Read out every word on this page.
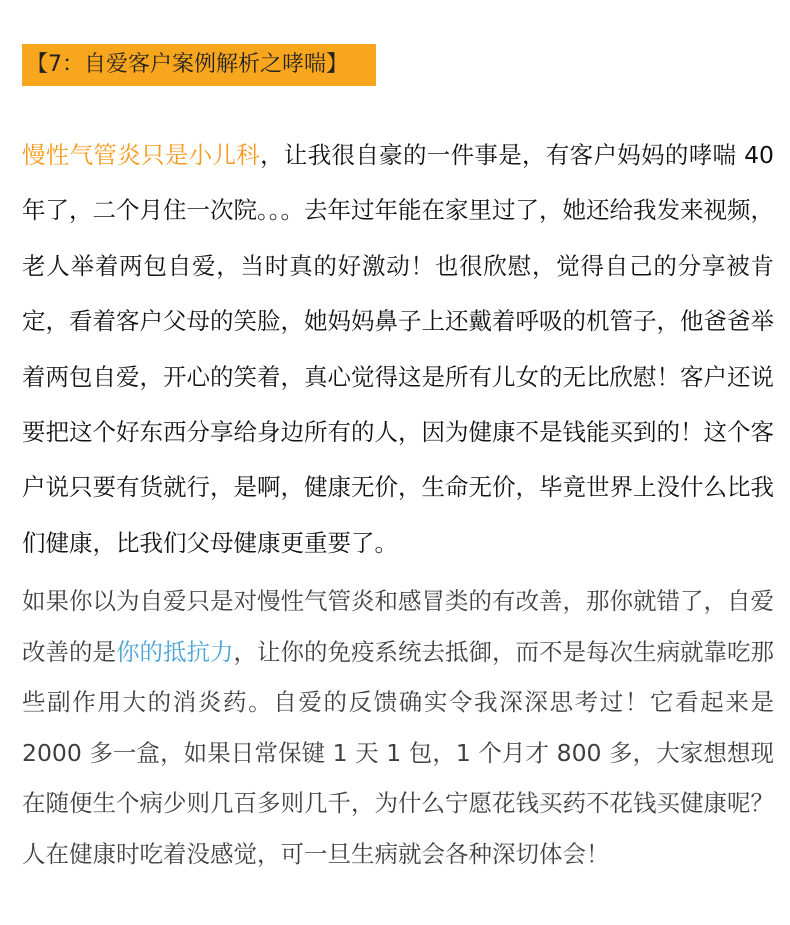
【7：自爱客户案例解析之哮喘】

慢性气管炎只是小儿科，让我很自豪的一件事是，有客户妈妈的哮喘 40 年了，二个月住一次院。。。去年过年能在家里过了，她还给我发来视频，老人举着两包自爱，当时真的好激动！也很欣慰，觉得自己的分享被肯定，看着客户父母的笑脸，她妈妈鼻子上还戴着呼吸的机管子，他爸爸举着两包自爱，开心的笑着，真心觉得这是所有儿女的无比欣慰！客户还说要把这个好东西分享给身边所有的人，因为健康不是钱能买到的！这个客户说只要有货就行，是啊，健康无价，生命无价，毕竟世界上没什么比我们健康，比我们父母健康更重要了。

如果你以为自爱只是对慢性气管炎和感冒类的有改善，那你就错了，自爱改善的是你的抵抗力，让你的免疫系统去抵御，而不是每次生病就靠吃那些副作用大的消炎药。自爱的反馈确实令我深深思考过！它看起来是 2000 多一盒，如果日常保键 1 天 1 包，1 个月才 800 多，大家想想现在随便生个病少则几百多则几千，为什么宁愿花钱买药不花钱买健康呢？人在健康时吃着没感觉，可一旦生病就会各种深切体会！
